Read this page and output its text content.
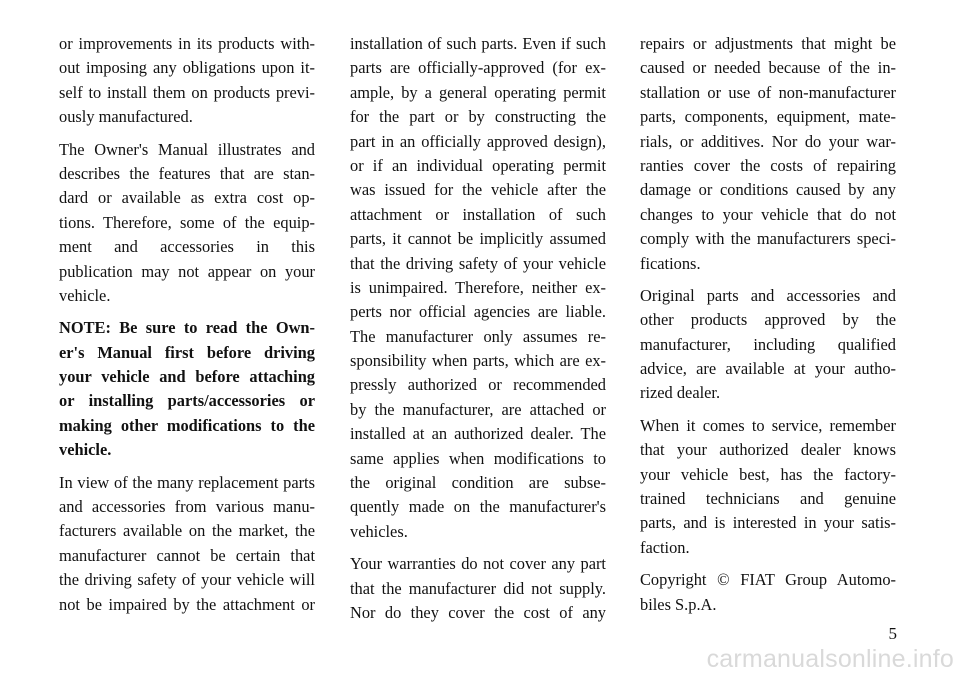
or improvements in its products with-
out imposing any obligations upon it-
self to install them on products previ-
ously manufactured.
The Owner's Manual illustrates and
describes the features that are stan-
dard or available as extra cost op-
tions. Therefore, some of the equip-
ment and accessories in this
publication may not appear on your
vehicle.
NOTE: Be sure to read the Own-
er's Manual first before driving
your vehicle and before attaching
or installing parts/accessories or
making other modifications to the
vehicle.
In view of the many replacement parts
and accessories from various manu-
facturers available on the market, the
manufacturer cannot be certain that
the driving safety of your vehicle will
not be impaired by the attachment or
installation of such parts. Even if such
parts are officially-approved (for ex-
ample, by a general operating permit
for the part or by constructing the
part in an officially approved design),
or if an individual operating permit
was issued for the vehicle after the
attachment or installation of such
parts, it cannot be implicitly assumed
that the driving safety of your vehicle
is unimpaired. Therefore, neither ex-
perts nor official agencies are liable.
The manufacturer only assumes re-
sponsibility when parts, which are ex-
pressly authorized or recommended
by the manufacturer, are attached or
installed at an authorized dealer. The
same applies when modifications to
the original condition are subse-
quently made on the manufacturer's
vehicles.
Your warranties do not cover any part
that the manufacturer did not supply.
Nor do they cover the cost of any
repairs or adjustments that might be
caused or needed because of the in-
stallation or use of non-manufacturer
parts, components, equipment, mate-
rials, or additives. Nor do your war-
ranties cover the costs of repairing
damage or conditions caused by any
changes to your vehicle that do not
comply with the manufacturers speci-
fications.
Original parts and accessories and
other products approved by the
manufacturer, including qualified
advice, are available at your autho-
rized dealer.
When it comes to service, remember
that your authorized dealer knows
your vehicle best, has the factory-
trained technicians and genuine
parts, and is interested in your satis-
faction.
Copyright © FIAT Group Automo-
biles S.p.A.
5
carmanualsonline.info
